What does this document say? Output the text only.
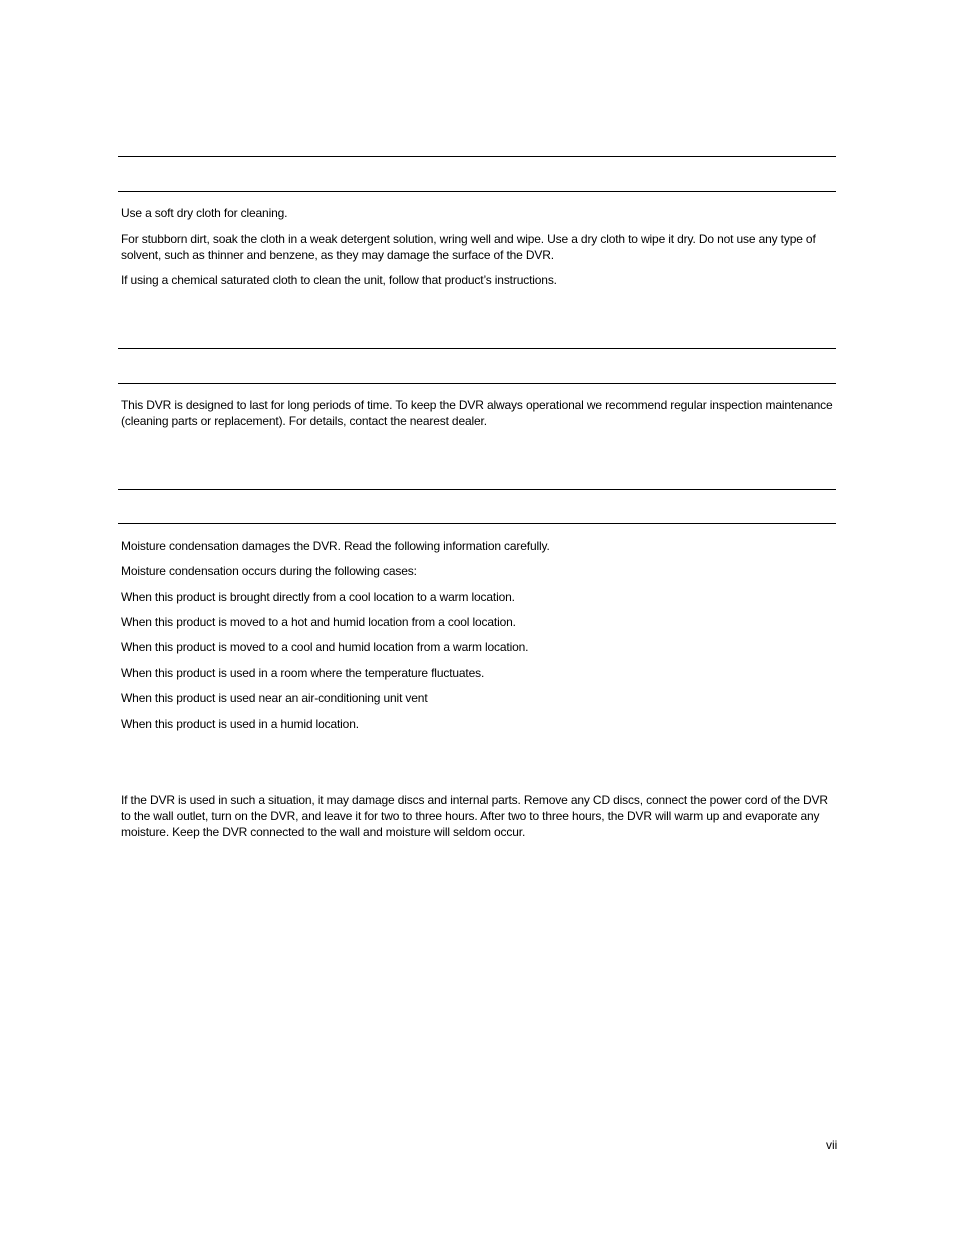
Use a soft dry cloth for cleaning.

For stubborn dirt, soak the cloth in a weak detergent solution, wring well and wipe. Use a dry cloth to wipe it dry. Do not use any type of solvent, such as thinner and benzene, as they may damage the surface of the DVR.

If using a chemical saturated cloth to clean the unit, follow that product’s instructions.

This DVR is designed to last for long periods of time. To keep the DVR always operational we recommend regular inspection maintenance (cleaning parts or replacement). For details, contact the nearest dealer.

Moisture condensation damages the DVR. Read the following information carefully.

Moisture condensation occurs during the following cases:

When this product is brought directly from a cool location to a warm location.

When this product is moved to a hot and humid location from a cool location.

When this product is moved to a cool and humid location from a warm location.

When this product is used in a room where the temperature fluctuates.

When this product is used near an air-conditioning unit vent

When this product is used in a humid location.

If the DVR is used in such a situation, it may damage discs and internal parts. Remove any CD discs, connect the power cord of the DVR to the wall outlet, turn on the DVR, and leave it for two to three hours. After two to three hours, the DVR will warm up and evaporate any moisture. Keep the DVR connected to the wall and moisture will seldom occur.

vii
